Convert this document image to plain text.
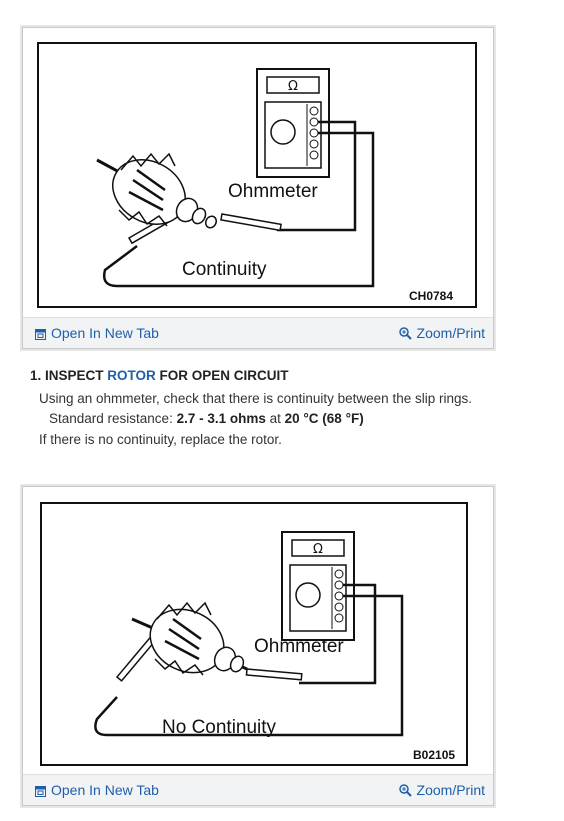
Ω
Ohmmeter
Continuity
CH0784
Open In New Tab	Zoom/Print
1. INSPECT ROTOR FOR OPEN CIRCUIT
Using an ohmmeter, check that there is continuity between the slip rings.
Standard resistance: 2.7 - 3.1 ohms at 20 °C (68 °F)
If there is no continuity, replace the rotor.
Ω
Ohmmeter
No Continuity
B02105
Open In New Tab	Zoom/Print
